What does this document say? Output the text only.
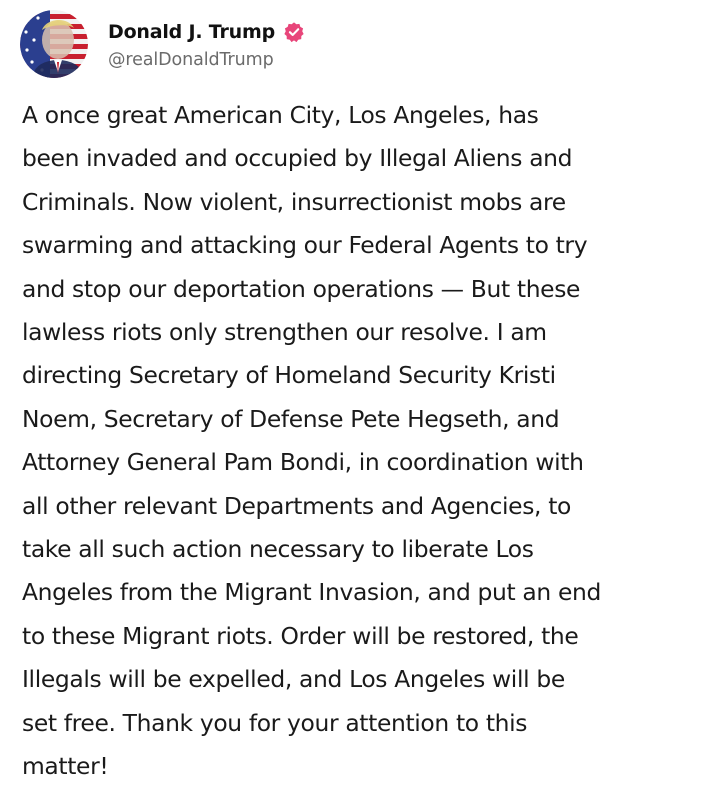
Donald J. Trump
@realDonaldTrump
A once great American City, Los Angeles, has
been invaded and occupied by Illegal Aliens and
Criminals. Now violent, insurrectionist mobs are
swarming and attacking our Federal Agents to try
and stop our deportation operations — But these
lawless riots only strengthen our resolve. I am
directing Secretary of Homeland Security Kristi
Noem, Secretary of Defense Pete Hegseth, and
Attorney General Pam Bondi, in coordination with
all other relevant Departments and Agencies, to
take all such action necessary to liberate Los
Angeles from the Migrant Invasion, and put an end
to these Migrant riots. Order will be restored, the
Illegals will be expelled, and Los Angeles will be
set free. Thank you for your attention to this
matter!
